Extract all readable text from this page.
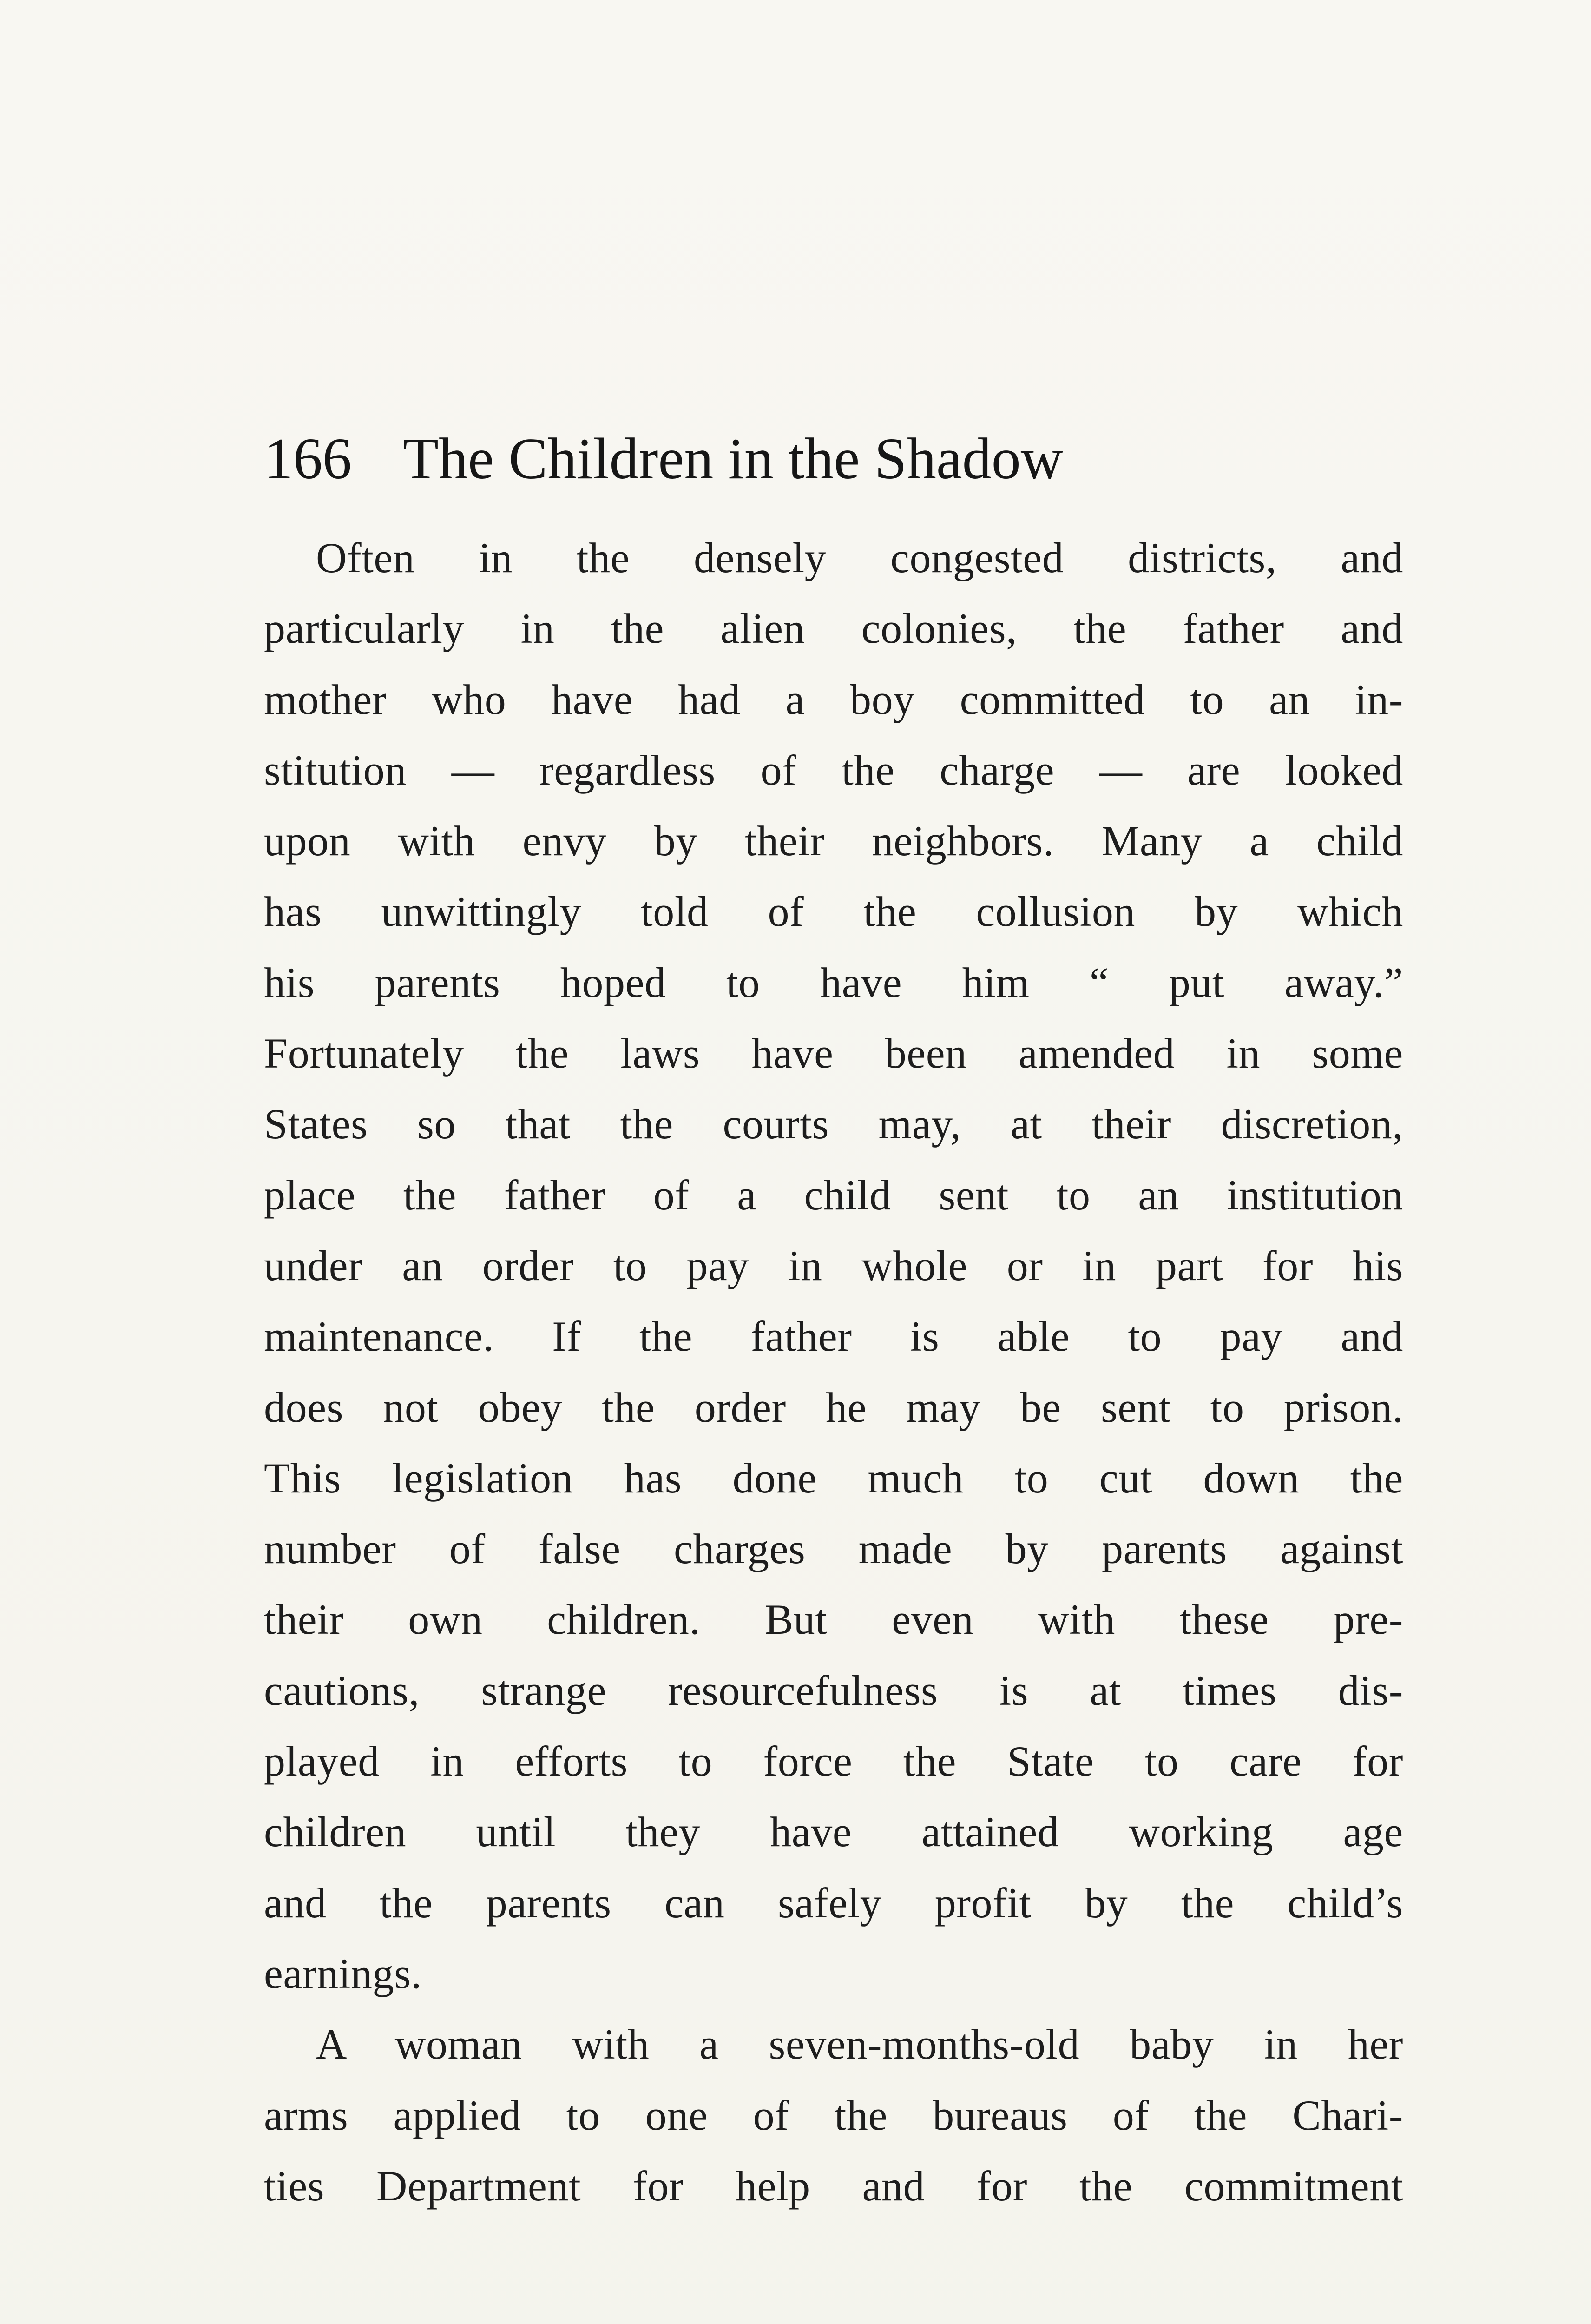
166 The Children in the Shadow
Often in the densely congested districts, and
particularly in the alien colonies, the father and
mother who have had a boy committed to an in-
stitution — regardless of the charge — are looked
upon with envy by their neighbors. Many a child
has unwittingly told of the collusion by which
his parents hoped to have him “ put away.”
Fortunately the laws have been amended in some
States so that the courts may, at their discretion,
place the father of a child sent to an institution
under an order to pay in whole or in part for his
maintenance. If the father is able to pay and
does not obey the order he may be sent to prison.
This legislation has done much to cut down the
number of false charges made by parents against
their own children. But even with these pre-
cautions, strange resourcefulness is at times dis-
played in efforts to force the State to care for
children until they have attained working age
and the parents can safely profit by the child’s
earnings.
A woman with a seven-months-old baby in her
arms applied to one of the bureaus of the Chari-
ties Department for help and for the commitment
